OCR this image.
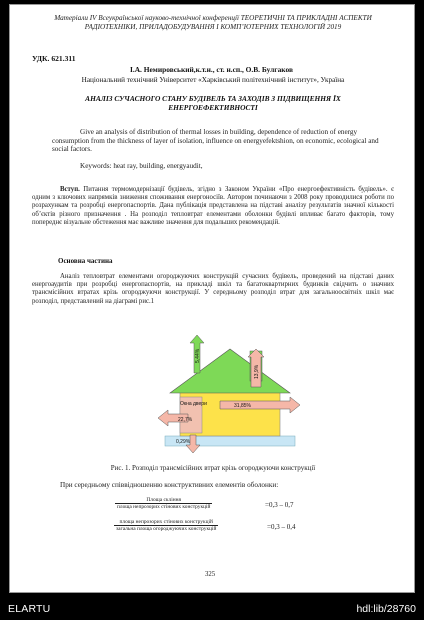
Матеріали IV Всеукраїнської науково-технічної конференції ТЕОРЕТИЧНІ ТА ПРИКЛАДНІ АСПЕКТИ РАДІОТЕХНІКИ, ПРИЛАДОБУДУВАННЯ І КОМП’ЮТЕРНИХ ТЕХНОЛОГІЙ 2019

УДК. 621.311

І.А. Немировський,к.т.н., ст. н.сп., О.В. Булгаков

Національний технічний Університет «Харківський політехнічний інститут», Україна

АНАЛІЗ СУЧАСНОГО СТАНУ БУДІВЕЛЬ ТА ЗАХОДІВ З ПІДВИЩЕННЯ ЇХ ЕНЕРГОЕФЕКТИВНОСТІ

Give an analysis of distribution of thermal losses in building, dependence of reduction of energy consumption from the thickness of layer of isolation, influence on energyefektshion, on economic, ecological and social factors.

Keywords: heat ray, building, energyaudit,

Вступ. Питання термомодернізації будівель, згідно з Законом України «Про енергоефективність будівель». є одним з ключових напрямків зниження споживання енергоносіїв. Автором починаючи з 2008 року проводилися роботи по розрахункам та розробці енергопаспортів. Дана публікація представлена на підставі аналізу результатів значної кількості об’єктів різного призначення . На розподіл тепловтрат елементами оболонки будівлі впливає багато факторів, тому попереднє візуальне обстеження має важливе значення для подальших рекомендацій.

Основна частина

Аналіз тепловтрат елементами огороджуючих конструкцій сучасних будівель, проведений на підставі даних енергоаудитів при розробці енергопаспортів, на прикладі шкіл та багатоквартирних будинків свідчить о значних трансмісійних втратах крізь огороджуючи конструкції. У середньому розподіл втрат для загальноосвітніх шкіл має розподіл, представлений на діаграмі рис.1

5,44%
13,9%
31,85%
Окна двери
22,7%
0,29%

Рис. 1. Розподіл трансмісійних втрат крізь огороджуючи конструкції

При середньому співвідношенню конструктивних елементів оболонки:

Площа склiння
площа непрозорих стінових конструкцій	=0,3 – 0,7
площа непрозорих стінових конструкцій
загальна площа огороджуючих конструкцій	=0,3 – 0,4

325

ELARTU	hdl:lib/28760
